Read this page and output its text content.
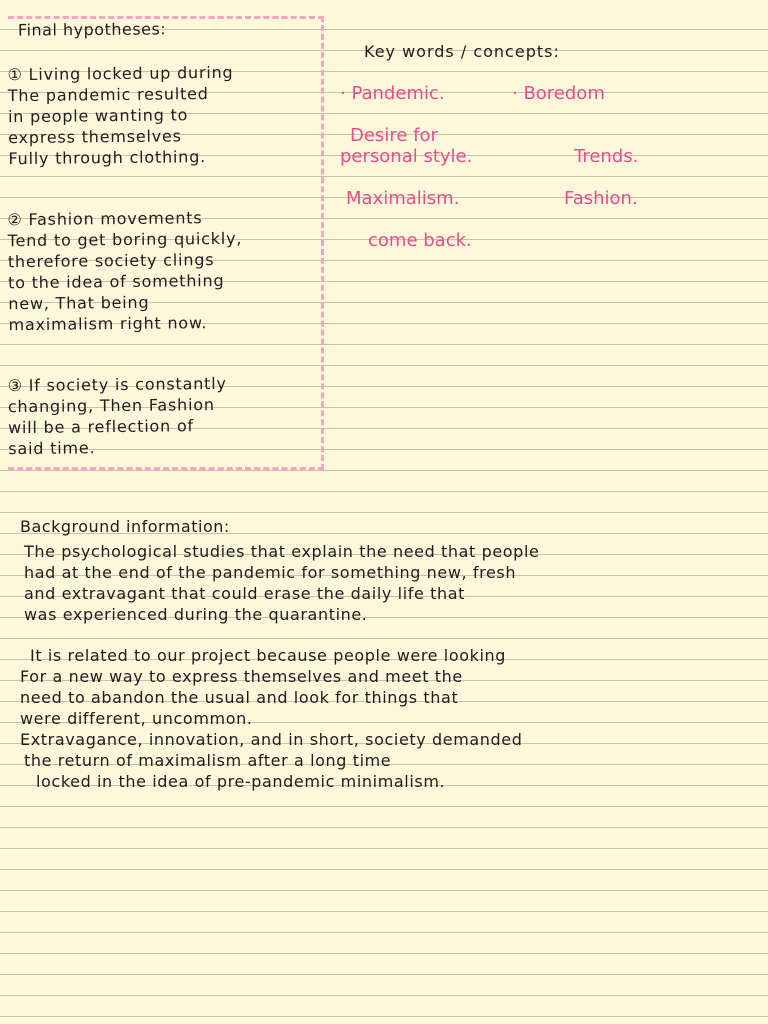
Final hypotheses:

① Living locked up during

The pandemic resulted

in people wanting to

express themselves

Fully through clothing.

② Fashion movements

Tend to get boring quickly,

therefore society clings

to the idea of something

new, That being

maximalism right now.

③ If society is constantly

changing, Then Fashion

will be a reflection of

said time.

Key words / concepts:

· Pandemic.	· Boredom

Desire for

personal style.	Trends.

Maximalism.	Fashion.

come back.

Background information:

The psychological studies that explain the need that people

had at the end of the pandemic for something new, fresh

and extravagant that could erase the daily life that

was experienced during the quarantine.

It is related to our project because people were looking

For a new way to express themselves and meet the

need to abandon the usual and look for things that

were different, uncommon.

Extravagance, innovation, and in short, society demanded

the return of maximalism after a long time

locked in the idea of pre-pandemic minimalism.
